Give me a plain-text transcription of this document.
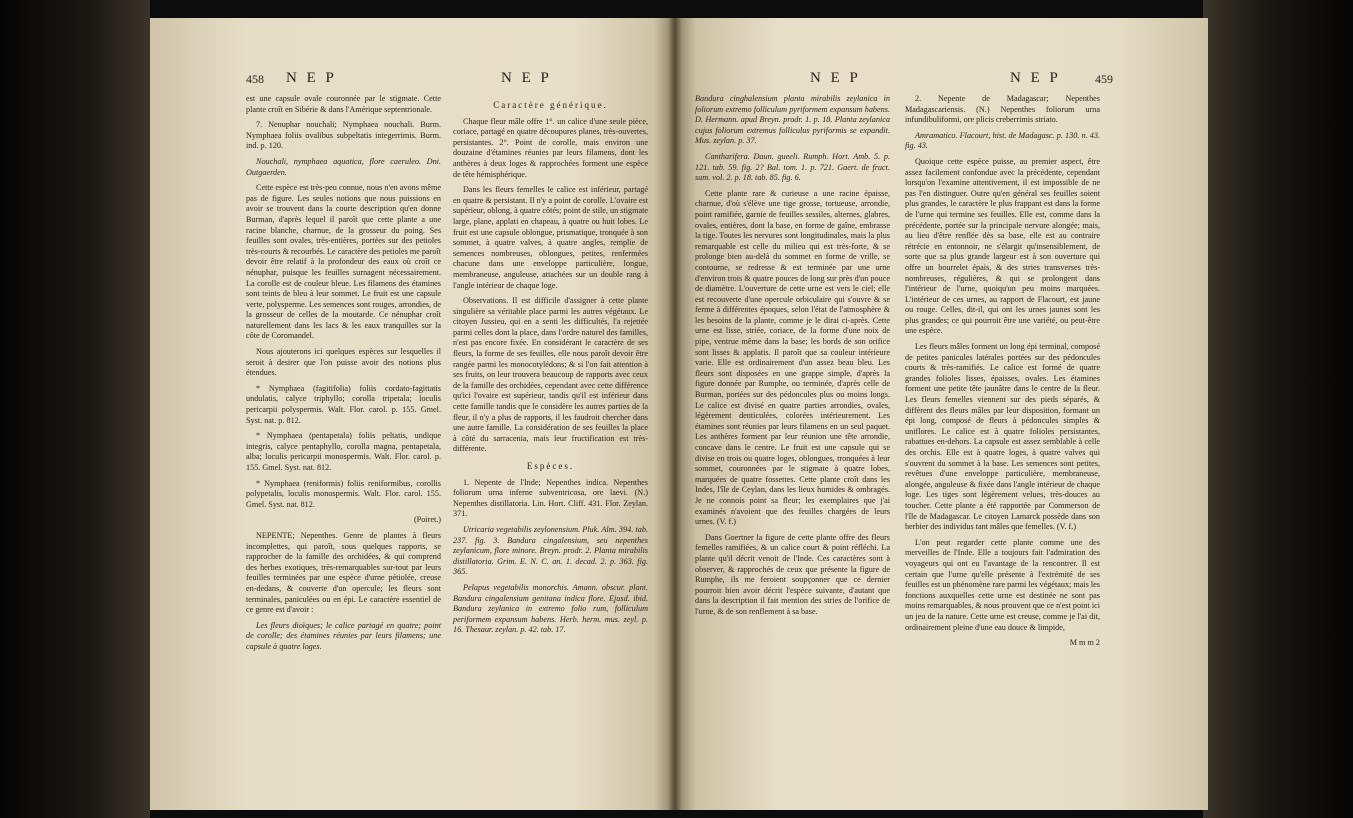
458 N E P	N E P

est une capsule ovale couronnée par le stigmate. Cette plante croît en Sibérie & dans l'Amérique septentrionale.

7. Nenuphar nouchali; Nymphaea nouchali. Burm. Nymphaea foliis ovalibus subpeltatis integerrimis. Burm. ind. p. 120.

Nouchali, nymphaea aquatica, flore caeruleo. Dni. Outgaerden.

Cette espèce est très-peu connue, nous n'en avons même pas de figure. Les seules notions que nous puissions en avoir se trouvent dans la courte description qu'en donne Burman, d'après lequel il paroît que cette plante a une racine blanche, charnue, de la grosseur du poing. Ses feuilles sont ovales, très-entières, portées sur des petioles très-courts & recourbés. Le caractère des petioles me paroît devoir être relatif à la profondeur des eaux où croît ce nénuphar, puisque les feuilles surnagent nécessairement. La corolle est de couleur bleue. Les filamens des étamines sont teints de bleu à leur sommet. Le fruit est une capsule verte, polysperme. Les semences sont rouges, arrondies, de la grosseur de celles de la moutarde. Ce nénuphar croît naturellement dans les lacs & les eaux tranquilles sur la côte de Coromandel.

Nous ajouterons ici quelques espèces sur lesquelles il seroit à desirer que l'on puisse avoir des notions plus étendues.

* Nymphaea (fagitifolia) foliis cordato-fagittatis undulatis, calyce triphyllo; corolla tripetala; loculis pericarpii polyspermis. Walt. Flor. carol. p. 155. Gmel. Syst. nat. p. 812.

* Nymphaea (pentapetala) foliis peltatis, undique integris, calyce pentaphyllo, corolla magna, pentapetala, alba; loculis pericarpii monospermis. Walt. Flor. carol. p. 155. Gmel. Syst. nat. 812.

* Nymphaea (reniformis) foliis reniformibus, corollis polypetalis, loculis monospermis. Walt. Flor. carol. 155. Gmel. Syst. nat. 812.

(Poiret.)

NEPENTE; Nepenthes. Genre de plantes à fleurs incomplettes, qui paroît, sous quelques rapports, se rapprocher de la famille des orchidées, & qui comprend des herbes exotiques, très-remarquables sur-tout par leurs feuilles terminées par une espèce d'urne pétiolée, creuse en-dedans, & couverte d'un opercule; les fleurs sont terminales, paniculées ou en épi. Le caractère essentiel de ce genre est d'avoir :

Les fleurs dioïques; le calice partagé en quatre; point de corolle; des étamines réunies par leurs filamens; une capsule à quatre loges.

Caractère générique.

Chaque fleur mâle offre 1°. un calice d'une seule pièce, coriace, partagé en quatre découpures planes, très-ouvertes, persistantes. 2°. Point de corolle, mais environ une douzaine d'étamines réunies par leurs filamens, dont les anthères à deux loges & rapprochées forment une espèce de tête hémisphérique.

Dans les fleurs femelles le calice est inférieur, partagé en quatre & persistant. Il n'y a point de corolle. L'ovaire est supérieur, oblong, à quatre côtés; point de stile, un stigmate large, plane, applati en chapeau, à quatre ou huit lobes. Le fruit est une capsule oblongue, prismatique, tronquée à son sommet, à quatre valves, à quatre angles, remplie de semences nombreuses, oblongues, petites, renfermées chacune dans une enveloppe particulière, longue, membraneuse, anguleuse, attachées sur un double rang à l'angle intérieur de chaque loge.

Observations. Il est difficile d'assigner à cette plante singulière sa véritable place parmi les autres végétaux. Le citoyen Jussieu, qui en a senti les difficultés, l'a rejettée parmi celles dont la place, dans l'ordre naturel des familles, n'est pas encore fixée. En considérant le caractère de ses fleurs, la forme de ses feuilles, elle nous paroît devoir être rangée parmi les monocotylédons; & si l'on fait attention à ses fruits, on leur trouvera beaucoup de rapports avec ceux de la famille des orchidées, cependant avec cette différence qu'ici l'ovaire est supérieur, tandis qu'il est inférieur dans cette famille tandis que le considère les autres parties de la fleur, il n'y a plus de rapports, il les faudroit chercher dans une autre famille. La considération de ses feuilles la place à côté du sarracenia, mais leur fructification est très-différente.

Espèces.

1. Nepente de l'Inde; Nepenthes indica. Nepenthes foliorum urna inferne subventricosa, ore laevi. (N.) Nepenthes distillatoria. Lin. Hort. Cliff. 431. Flor. Zeylan. 371.

Utricaria vegetabilis zeylonensium. Pluk. Alm. 394. tab. 237. fig. 3. Bandura cingalensium, seu nepenthes zeylanicum, flore minore. Breyn. prodr. 2. Planta mirabilis distillatoria. Grim. E. N. C. an. 1. decad. 2. p. 363. fig. 365.

Pelapus vegetabilis monorchis. Amann. obscur. plant. Bandura cingalensium genitana indica flore. Ejusd. ibid. Bandura zeylanica in extremo folio rum, folliculum periformem expansum habens. Herb. herm. mus. zeyl. p. 16. Thesaur. zeylan. p. 42. tab. 17.

N E P	N E P	459

Bandura cinghalensium planta mirabilis zeylanica in foliorum extremo folliculum pyriformem expansum habens. D. Hermann. apud Breyn. prodr. 1. p. 18. Planta zeylanica cujus foliorum extremus folliculus pyriformis se expandit. Mus. zeylan. p. 37.

Cantharifera. Daun. gueeli. Rumph. Hort. Amb. 5. p. 121. tab. 59. fig. 2? Bal. tom. 1. p. 721. Gaert. de fruct. sum. vol. 2. p. 18. tab. 85. fig. 6.

Cette plante rare & curieuse a une racine épaisse, charnue, d'où s'élève une tige grosse, tortueuse, arrondie, point ramifiée, garnie de feuilles sessiles, alternes, glabres, ovales, entières, dont la base, en forme de gaîne, embrasse la tige. Toutes les nervures sont longitudinales, mais la plus remarquable est celle du milieu qui est très-forte, & se prolonge bien au-delà du sommet en forme de vrille, se contourne, se redresse & est terminée par une urne d'environ trois & quatre pouces de long sur près d'un pouce de diamètre. L'ouverture de cette urne est vers le ciel; elle est recouverte d'une opercule orbiculaire qui s'ouvre & se ferme à différentes époques, selon l'état de l'atmosphère & les besoins de la plante, comme je le dirai ci-après. Cette urne est lisse, striée, coriace, de la forme d'une noix de pipe, ventrue même dans la base; les bords de son orifice sont lisses & applatis. Il paroît que sa couleur intérieure varie. Elle est ordinairement d'un assez beau bleu. Les fleurs sont disposées en une grappe simple, d'après la figure donnée par Rumphe, ou terminée, d'après celle de Burman, portées sur des pédoncules plus ou moins longs. Le calice est divisé en quatre parties arrondies, ovales, légèrement denticulées, colorées intérieurement. Les étamines sont réunies par leurs filamens en un seul paquet. Les anthères forment par leur réunion une tête arrondie, concave dans le centre. Le fruit est une capsule qui se divise en trois ou quatre loges, oblongues, tronquées à leur sommet, couronnées par le stigmate à quatre lobes, marquées de quatre fossettes. Cette plante croît dans les Indes, l'île de Ceylan, dans les lieux humides & ombragés. Je ne connois point sa fleur; les exemplaires que j'ai examinés n'avoient que des feuilles chargées de leurs urnes. (V. f.)

Dans Goertner la figure de cette plante offre des fleurs femelles ramifiées, & un calice court & point réfléchi. La plante qu'il décrit venoit de l'Inde. Ces caractères sont à observer, & rapprochés de ceux que présente la figure de Rumphe, ils me feroient soupçonner que ce dernier pourroit bien avoir décrit l'espèce suivante, d'autant que dans la description il fait mention des stries de l'orifice de l'urne, & de son renflement à sa base.

2. Nepente de Madagascar; Nepenthes Madagascariensis. (N.) Nepenthes foliorum urna infundibuliformi, ore plicis creberrimis striato.

Amramatico. Flacourt, hist. de Madagasc. p. 130. n. 43. fig. 43.

Quoique cette espèce puisse, au premier aspect, être assez facilement confondue avec la précédente, cependant lorsqu'on l'examine attentivement, il est impossible de ne pas l'en distinguer. Outre qu'en général ses feuilles soient plus grandes, le caractère le plus frappant est dans la forme de l'urne qui termine ses feuilles. Elle est, comme dans la précédente, portée sur la principale nervure alongée; mais, au lieu d'être renflée dès sa base, elle est au contraire rétrécie en entonnoir, ne s'élargit qu'insensiblement, de sorte que sa plus grande largeur est à son ouverture qui offre un bourrelet épais, & des stries transverses très-nombreuses, régulières, & qui se prolongent dans l'intérieur de l'urne, quoiqu'un peu moins marquées. L'intérieur de ces urnes, au rapport de Flacourt, est jaune ou rouge. Celles, dit-il, qui ont les urnes jaunes sont les plus grandes; ce qui pourroit être une variété, ou peut-être une espèce.

Les fleurs mâles forment un long épi terminal, composé de petites panicules latérales portées sur des pédoncules courts & très-ramifiés. Le calice est formé de quatre grandes folioles lisses, épaisses, ovales. Les étamines forment une petite tête jaunâtre dans le centre de la fleur. Les fleurs femelles viennent sur des pieds séparés, & diffèrent des fleurs mâles par leur disposition, formant un épi long, composé de fleurs à pédoncules simples & uniflores. Le calice est à quatre folioles persistantes, rabattues en-dehors. La capsule est assez semblable à celle des orchis. Elle est à quatre loges, à quatre valves qui s'ouvrent du sommet à la base. Les semences sont petites, revêtues d'une enveloppe particulière, membraneuse, alongée, anguleuse & fixée dans l'angle intérieur de chaque loge. Les tiges sont légèrement velues, très-douces au toucher. Cette plante a été rapportée par Commerson de l'île de Madagascar. Le citoyen Lamarck possède dans son herbier des individus tant mâles que femelles. (V. f.)

L'on peut regarder cette plante comme une des merveilles de l'Inde. Elle a toujours fait l'admiration des voyageurs qui ont eu l'avantage de la rencontrer. Il est certain que l'urne qu'elle présente à l'extrémité de ses feuilles est un phénomène rare parmi les végétaux; mais les fonctions auxquelles cette urne est destinée ne sont pas moins remarquables, & nous prouvent que ce n'est point ici un jeu de la nature. Cette urne est creuse, comme je l'ai dit, ordinairement pleine d'une eau douce & limpide,

M m m 2
